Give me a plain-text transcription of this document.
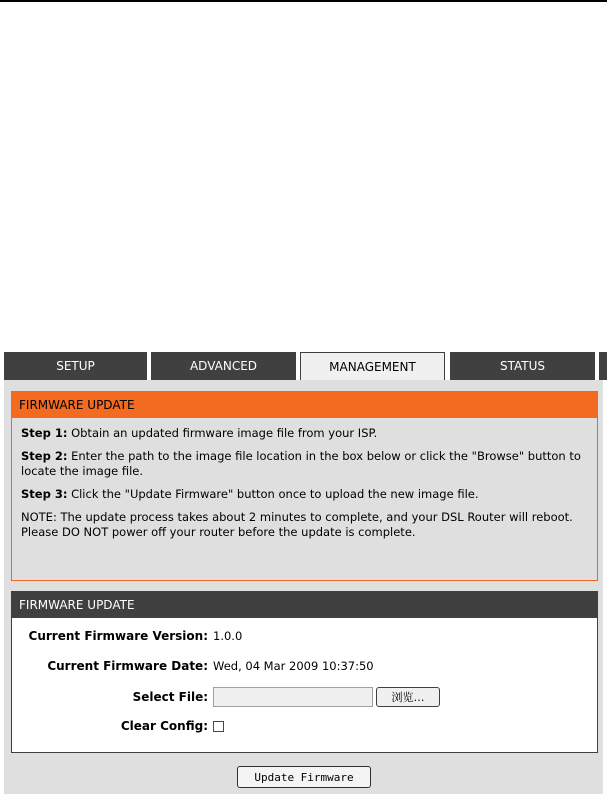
SETUP	ADVANCED	MANAGEMENT	STATUS
FIRMWARE UPDATE

Step 1: Obtain an updated firmware image file from your ISP.

Step 2: Enter the path to the image file location in the box below or click the "Browse" button to locate the image file.

Step 3: Click the "Update Firmware" button once to upload the new image file.

NOTE: The update process takes about 2 minutes to complete, and your DSL Router will reboot. Please DO NOT power off your router before the update is complete.

FIRMWARE UPDATE
Current Firmware Version: 1.0.0
Current Firmware Date: Wed, 04 Mar 2009 10:37:50
Select File:	浏览…
Clear Config:
Update Firmware
